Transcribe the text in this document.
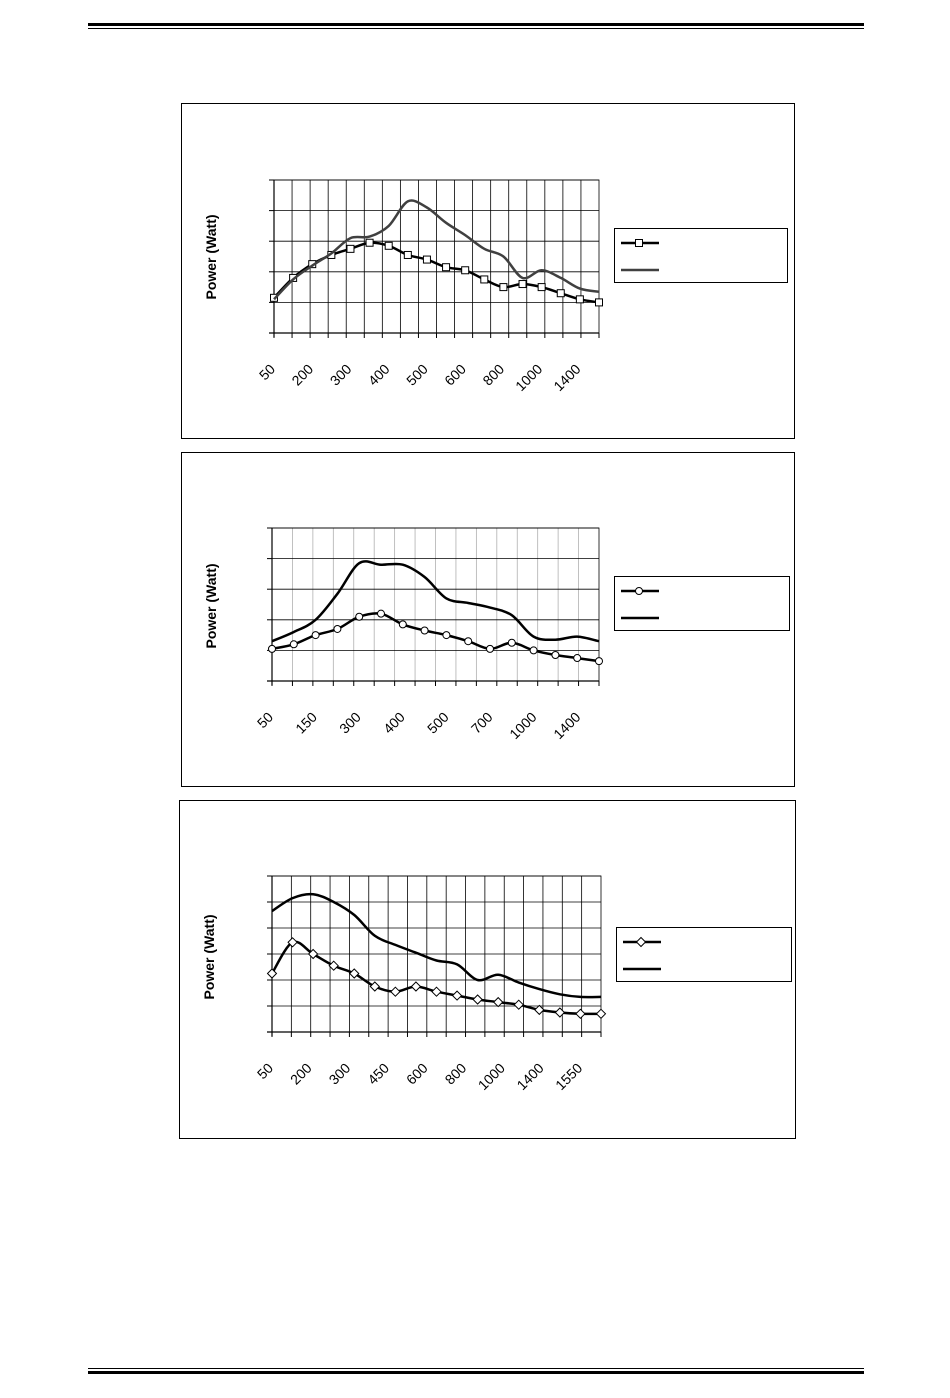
Power (Watt)
50 200 300 400 500 600 800 1000 1400
Power (Watt)
50 150 300 400 500 700 1000 1400
Power (Watt)
50 200 300 450 600 800 1000 1400 1550
